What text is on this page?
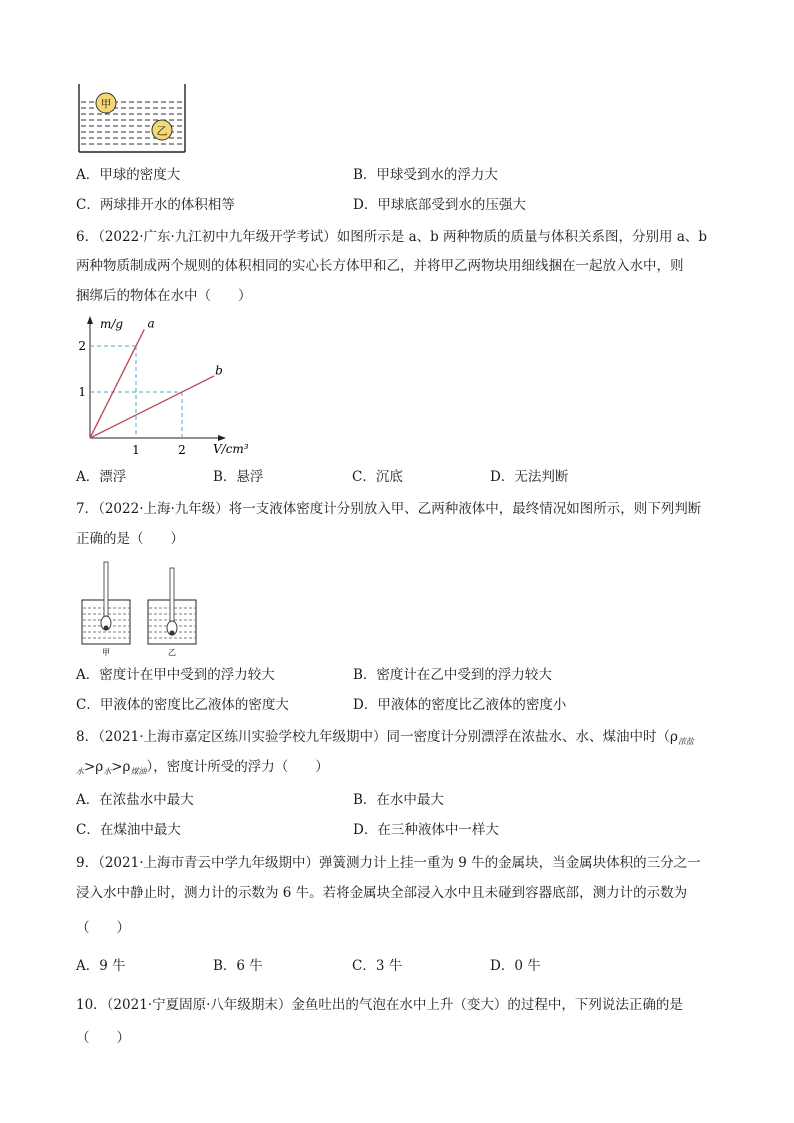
甲
乙
A．甲球的密度大	B．甲球受到水的浮力大
C．两球排开水的体积相等	D．甲球底部受到水的压强大
6．（2022·广东·九江初中九年级开学考试）如图所示是 a、b 两种物质的质量与体积关系图，分别用 a、b
两种物质制成两个规则的体积相同的实心长方体甲和乙，并将甲乙两物块用细线捆在一起放入水中，则
捆绑后的物体在水中（　　）
m/g
V/cm³
2
1
1	2
a
b
A．漂浮	B．悬浮	C．沉底	D．无法判断
7．（2022·上海·九年级）将一支液体密度计分别放入甲、乙两种液体中，最终情况如图所示，则下列判断
正确的是（　　）
甲	乙
A．密度计在甲中受到的浮力较大	B．密度计在乙中受到的浮力较大
C．甲液体的密度比乙液体的密度大	D．甲液体的密度比乙液体的密度小
8．（2021·上海市嘉定区练川实验学校九年级期中）同一密度计分别漂浮在浓盐水、水、煤油中时（$\rho_{浓盐}$
$_水>\rho_水>\rho_{煤油}$），密度计所受的浮力（　　）
A．在浓盐水中最大	B．在水中最大
C．在煤油中最大	D．在三种液体中一样大
9．（2021·上海市青云中学九年级期中）弹簧测力计上挂一重为 9 牛的金属块，当金属块体积的三分之一
浸入水中静止时，测力计的示数为 6 牛。若将金属块全部浸入水中且未碰到容器底部，测力计的示数为
（　　）
A．9 牛	B．6 牛	C．3 牛	D．0 牛
10．（2021·宁夏固原·八年级期末）金鱼吐出的气泡在水中上升（变大）的过程中，下列说法正确的是
（　　）
